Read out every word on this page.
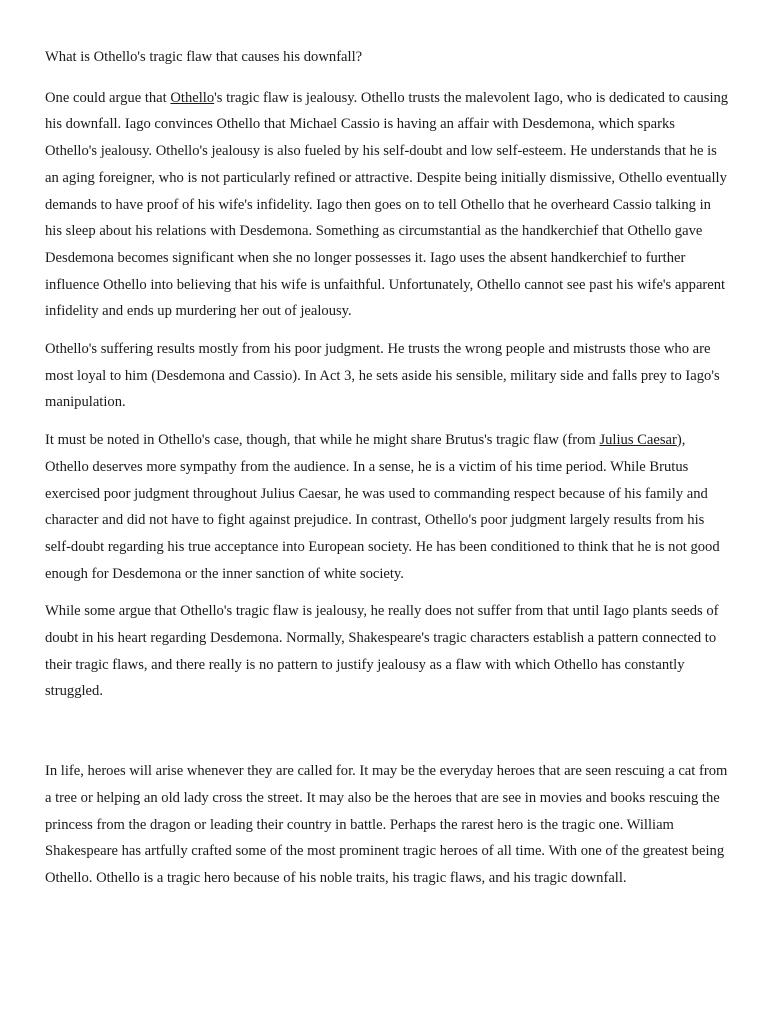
What is Othello's tragic flaw that causes his downfall?

One could argue that Othello's tragic flaw is jealousy. Othello trusts the malevolent Iago, who is dedicated to causing his downfall. Iago convinces Othello that Michael Cassio is having an affair with Desdemona, which sparks Othello's jealousy. Othello's jealousy is also fueled by his self-doubt and low self-esteem. He understands that he is an aging foreigner, who is not particularly refined or attractive. Despite being initially dismissive, Othello eventually demands to have proof of his wife's infidelity. Iago then goes on to tell Othello that he overheard Cassio talking in his sleep about his relations with Desdemona. Something as circumstantial as the handkerchief that Othello gave Desdemona becomes significant when she no longer possesses it. Iago uses the absent handkerchief to further influence Othello into believing that his wife is unfaithful. Unfortunately, Othello cannot see past his wife's apparent infidelity and ends up murdering her out of jealousy.

Othello's suffering results mostly from his poor judgment. He trusts the wrong people and mistrusts those who are most loyal to him (Desdemona and Cassio). In Act 3, he sets aside his sensible, military side and falls prey to Iago's manipulation.

It must be noted in Othello's case, though, that while he might share Brutus's tragic flaw (from Julius Caesar), Othello deserves more sympathy from the audience. In a sense, he is a victim of his time period. While Brutus exercised poor judgment throughout Julius Caesar, he was used to commanding respect because of his family and character and did not have to fight against prejudice. In contrast, Othello's poor judgment largely results from his self-doubt regarding his true acceptance into European society. He has been conditioned to think that he is not good enough for Desdemona or the inner sanction of white society.

While some argue that Othello's tragic flaw is jealousy, he really does not suffer from that until Iago plants seeds of doubt in his heart regarding Desdemona. Normally, Shakespeare's tragic characters establish a pattern connected to their tragic flaws, and there really is no pattern to justify jealousy as a flaw with which Othello has constantly struggled.

In life, heroes will arise whenever they are called for. It may be the everyday heroes that are seen rescuing a cat from a tree or helping an old lady cross the street. It may also be the heroes that are see in movies and books rescuing the princess from the dragon or leading their country in battle. Perhaps the rarest hero is the tragic one. William Shakespeare has artfully crafted some of the most prominent tragic heroes of all time. With one of the greatest being Othello. Othello is a tragic hero because of his noble traits, his tragic flaws, and his tragic downfall.
